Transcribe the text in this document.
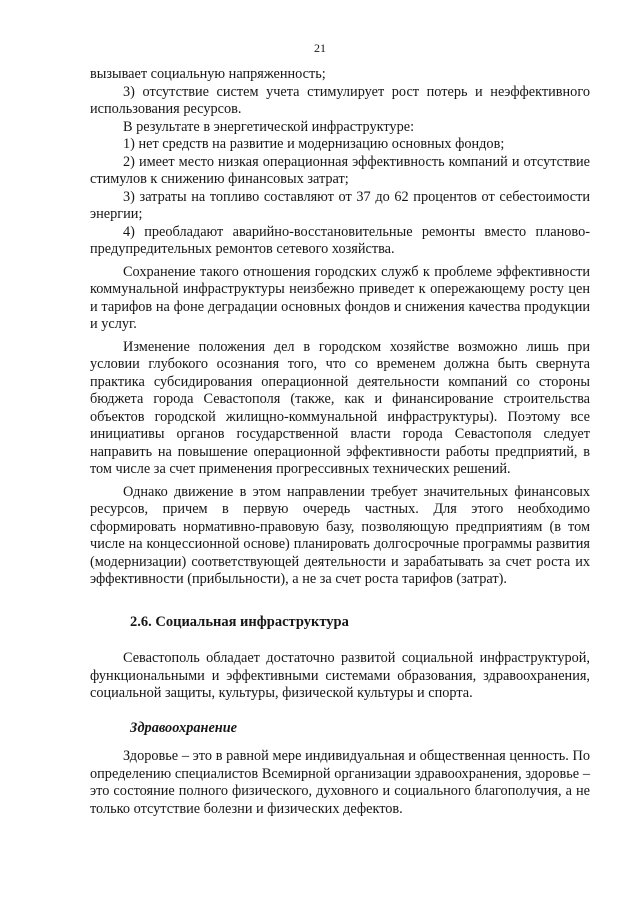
21

вызывает социальную напряженность;

3) отсутствие систем учета стимулирует рост потерь и неэффективного использования ресурсов.

В результате в энергетической инфраструктуре:

1) нет средств на развитие и модернизацию основных фондов;

2) имеет место низкая операционная эффективность компаний и отсутствие стимулов к снижению финансовых затрат;

3) затраты на топливо составляют от 37 до 62 процентов от себестоимости энергии;

4) преобладают аварийно-восстановительные ремонты вместо планово-предупредительных ремонтов сетевого хозяйства.

Сохранение такого отношения городских служб к проблеме эффективности коммунальной инфраструктуры неизбежно приведет к опережающему росту цен и тарифов на фоне деградации основных фондов и снижения качества продукции и услуг.

Изменение положения дел в городском хозяйстве возможно лишь при условии глубокого осознания того, что со временем должна быть свернута практика субсидирования операционной деятельности компаний со стороны бюджета города Севастополя (также, как и финансирование строительства объектов городской жилищно-коммунальной инфраструктуры). Поэтому все инициативы органов государственной власти города Севастополя следует направить на повышение операционной эффективности работы предприятий, в том числе за счет применения прогрессивных технических решений.

Однако движение в этом направлении требует значительных финансовых ресурсов, причем в первую очередь частных. Для этого необходимо сформировать нормативно-правовую базу, позволяющую предприятиям (в том числе на концессионной основе) планировать долгосрочные программы развития (модернизации) соответствующей деятельности и зарабатывать за счет роста их эффективности (прибыльности), а не за счет роста тарифов (затрат).

2.6. Социальная инфраструктура

Севастополь обладает достаточно развитой социальной инфраструктурой, функциональными и эффективными системами образования, здравоохранения, социальной защиты, культуры, физической культуры и спорта.

Здравоохранение

Здоровье – это в равной мере индивидуальная и общественная ценность. По определению специалистов Всемирной организации здравоохранения, здоровье – это состояние полного физического, духовного и социального благополучия, а не только отсутствие болезни и физических дефектов.
